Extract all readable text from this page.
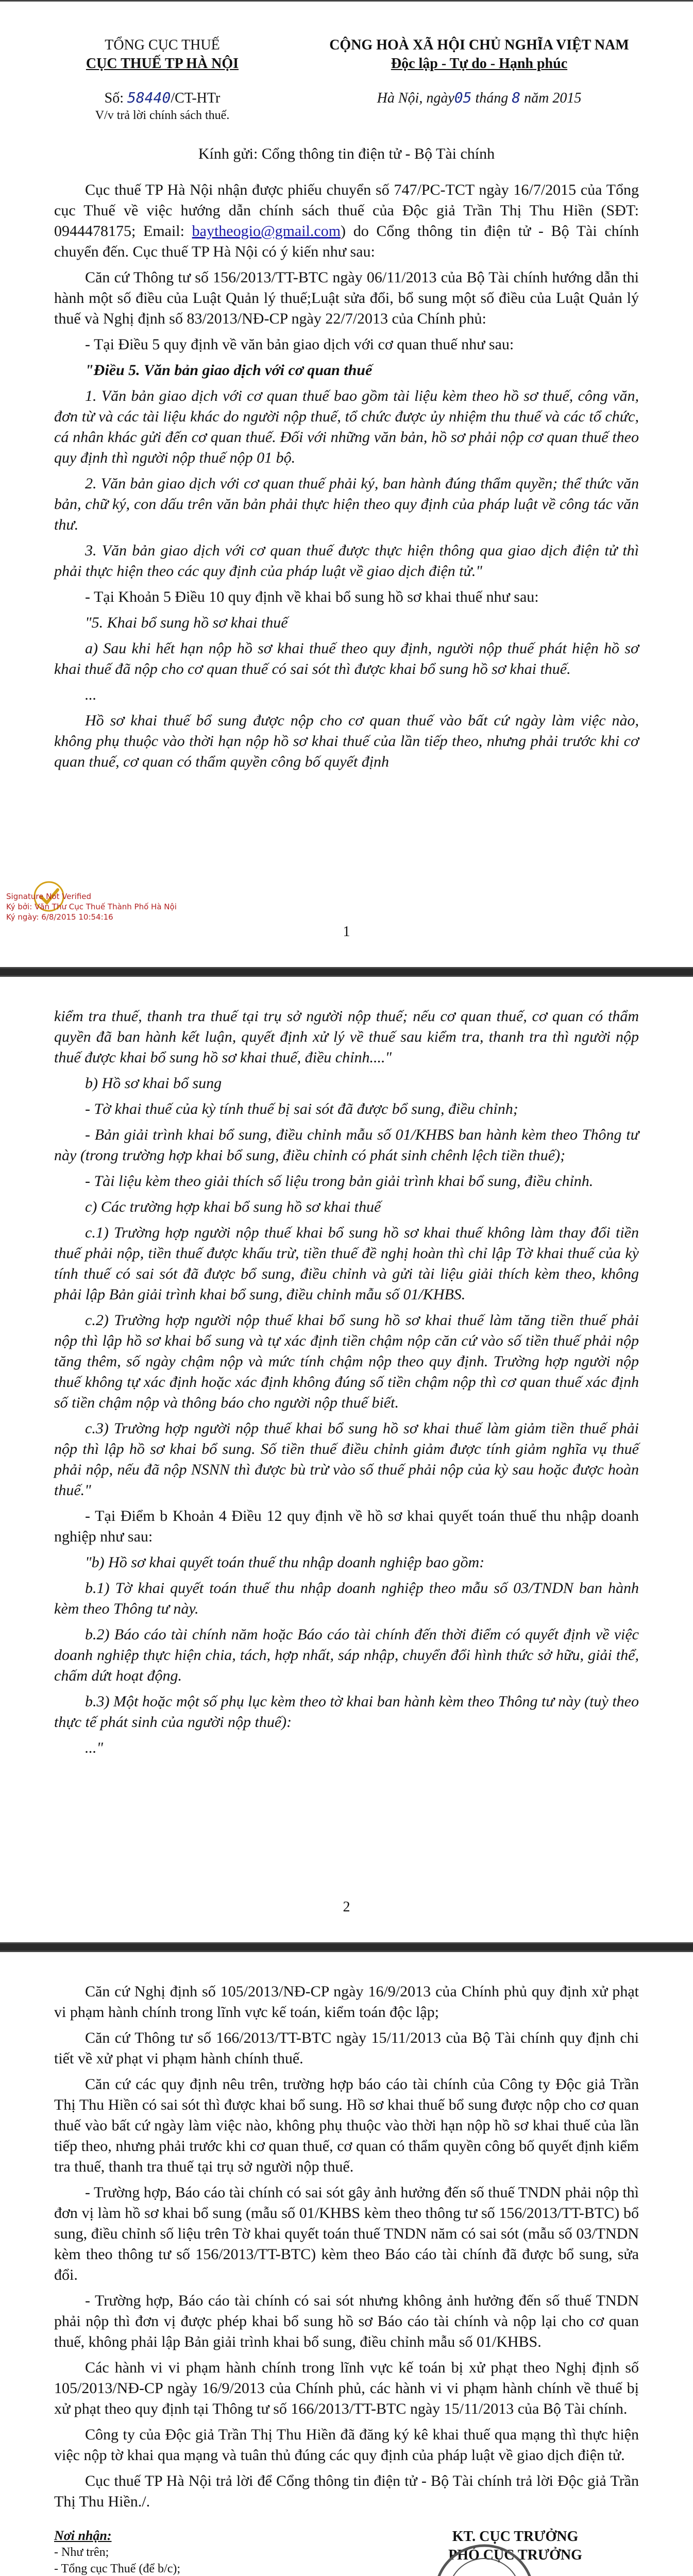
TỔNG CỤC THUẾ
CỤC THUẾ TP HÀ NỘI
CỘNG HOÀ XÃ HỘI CHỦ NGHĨA VIỆT NAM
Độc lập - Tự do - Hạnh phúc
Số: 58440/CT-HTr
V/v trả lời chính sách thuế.
Hà Nội, ngày05 tháng 8 năm 2015
Kính gửi: Cổng thông tin điện tử - Bộ Tài chính

Cục thuế TP Hà Nội nhận được phiếu chuyển số 747/PC-TCT ngày 16/7/2015 của Tổng cục Thuế về việc hướng dẫn chính sách thuế của Độc giả Trần Thị Thu Hiền (SĐT: 0944478175; Email: baytheogio@gmail.com) do Cổng thông tin điện tử - Bộ Tài chính chuyển đến. Cục thuế TP Hà Nội có ý kiến như sau:

Căn cứ Thông tư số 156/2013/TT-BTC ngày 06/11/2013 của Bộ Tài chính hướng dẫn thi hành một số điều của Luật Quản lý thuế;Luật sửa đổi, bổ sung một số điều của Luật Quản lý thuế và Nghị định số 83/2013/NĐ-CP ngày 22/7/2013 của Chính phủ:

- Tại Điều 5 quy định về văn bản giao dịch với cơ quan thuế như sau:

"Điều 5. Văn bản giao dịch với cơ quan thuế

1. Văn bản giao dịch với cơ quan thuế bao gồm tài liệu kèm theo hồ sơ thuế, công văn, đơn từ và các tài liệu khác do người nộp thuế, tổ chức được ủy nhiệm thu thuế và các tổ chức, cá nhân khác gửi đến cơ quan thuế. Đối với những văn bản, hồ sơ phải nộp cơ quan thuế theo quy định thì người nộp thuế nộp 01 bộ.

2. Văn bản giao dịch với cơ quan thuế phải ký, ban hành đúng thẩm quyền; thể thức văn bản, chữ ký, con dấu trên văn bản phải thực hiện theo quy định của pháp luật về công tác văn thư.

3. Văn bản giao dịch với cơ quan thuế được thực hiện thông qua giao dịch điện tử thì phải thực hiện theo các quy định của pháp luật về giao dịch điện tử."

- Tại Khoản 5 Điều 10 quy định về khai bổ sung hồ sơ khai thuế như sau:

"5. Khai bổ sung hồ sơ khai thuế

a) Sau khi hết hạn nộp hồ sơ khai thuế theo quy định, người nộp thuế phát hiện hồ sơ khai thuế đã nộp cho cơ quan thuế có sai sót thì được khai bổ sung hồ sơ khai thuế.

...

Hồ sơ khai thuế bổ sung được nộp cho cơ quan thuế vào bất cứ ngày làm việc nào, không phụ thuộc vào thời hạn nộp hồ sơ khai thuế của lần tiếp theo, nhưng phải trước khi cơ quan thuế, cơ quan có thẩm quyền công bố quyết định

Signature Not Verified
Ký bởi: Văn Thư Cục Thuế Thành Phố Hà Nội
Ký ngày: 6/8/2015 10:54:16
1

kiểm tra thuế, thanh tra thuế tại trụ sở người nộp thuế; nếu cơ quan thuế, cơ quan có thẩm quyền đã ban hành kết luận, quyết định xử lý về thuế sau kiểm tra, thanh tra thì người nộp thuế được khai bổ sung hồ sơ khai thuế, điều chỉnh...."

b) Hồ sơ khai bổ sung

- Tờ khai thuế của kỳ tính thuế bị sai sót đã được bổ sung, điều chỉnh;

- Bản giải trình khai bổ sung, điều chỉnh mẫu số 01/KHBS ban hành kèm theo Thông tư này (trong trường hợp khai bổ sung, điều chỉnh có phát sinh chênh lệch tiền thuế);

- Tài liệu kèm theo giải thích số liệu trong bản giải trình khai bổ sung, điều chỉnh.

c) Các trường hợp khai bổ sung hồ sơ khai thuế

c.1) Trường hợp người nộp thuế khai bổ sung hồ sơ khai thuế không làm thay đổi tiền thuế phải nộp, tiền thuế được khấu trừ, tiền thuế đề nghị hoàn thì chỉ lập Tờ khai thuế của kỳ tính thuế có sai sót đã được bổ sung, điều chỉnh và gửi tài liệu giải thích kèm theo, không phải lập Bản giải trình khai bổ sung, điều chỉnh mẫu số 01/KHBS.

c.2) Trường hợp người nộp thuế khai bổ sung hồ sơ khai thuế làm tăng tiền thuế phải nộp thì lập hồ sơ khai bổ sung và tự xác định tiền chậm nộp căn cứ vào số tiền thuế phải nộp tăng thêm, số ngày chậm nộp và mức tính chậm nộp theo quy định. Trường hợp người nộp thuế không tự xác định hoặc xác định không đúng số tiền chậm nộp thì cơ quan thuế xác định số tiền chậm nộp và thông báo cho người nộp thuế biết.

c.3) Trường hợp người nộp thuế khai bổ sung hồ sơ khai thuế làm giảm tiền thuế phải nộp thì lập hồ sơ khai bổ sung. Số tiền thuế điều chỉnh giảm được tính giảm nghĩa vụ thuế phải nộp, nếu đã nộp NSNN thì được bù trừ vào số thuế phải nộp của kỳ sau hoặc được hoàn thuế."

- Tại Điểm b Khoản 4 Điều 12 quy định về hồ sơ khai quyết toán thuế thu nhập doanh nghiệp như sau:

"b) Hồ sơ khai quyết toán thuế thu nhập doanh nghiệp bao gồm:

b.1) Tờ khai quyết toán thuế thu nhập doanh nghiệp theo mẫu số 03/TNDN ban hành kèm theo Thông tư này.

b.2) Báo cáo tài chính năm hoặc Báo cáo tài chính đến thời điểm có quyết định về việc doanh nghiệp thực hiện chia, tách, hợp nhất, sáp nhập, chuyển đổi hình thức sở hữu, giải thể, chấm dứt hoạt động.

b.3) Một hoặc một số phụ lục kèm theo tờ khai ban hành kèm theo Thông tư này (tuỳ theo thực tế phát sinh của người nộp thuế):

..."

2

Căn cứ Nghị định số 105/2013/NĐ-CP ngày 16/9/2013 của Chính phủ quy định xử phạt vi phạm hành chính trong lĩnh vực kế toán, kiểm toán độc lập;

Căn cứ Thông tư số 166/2013/TT-BTC ngày 15/11/2013 của Bộ Tài chính quy định chi tiết về xử phạt vi phạm hành chính thuế.

Căn cứ các quy định nêu trên, trường hợp báo cáo tài chính của Công ty Độc giả Trần Thị Thu Hiền có sai sót thì được khai bổ sung. Hồ sơ khai thuế bổ sung được nộp cho cơ quan thuế vào bất cứ ngày làm việc nào, không phụ thuộc vào thời hạn nộp hồ sơ khai thuế của lần tiếp theo, nhưng phải trước khi cơ quan thuế, cơ quan có thẩm quyền công bố quyết định kiểm tra thuế, thanh tra thuế tại trụ sở người nộp thuế.

- Trường hợp, Báo cáo tài chính có sai sót gây ảnh hưởng đến số thuế TNDN phải nộp thì đơn vị làm hồ sơ khai bổ sung (mẫu số 01/KHBS kèm theo thông tư số 156/2013/TT-BTC) bổ sung, điều chỉnh số liệu trên Tờ khai quyết toán thuế TNDN năm có sai sót (mẫu số 03/TNDN kèm theo thông tư số 156/2013/TT-BTC) kèm theo Báo cáo tài chính đã được bổ sung, sửa đổi.

- Trường hợp, Báo cáo tài chính có sai sót nhưng không ảnh hưởng đến số thuế TNDN phải nộp thì đơn vị được phép khai bổ sung hồ sơ Báo cáo tài chính và nộp lại cho cơ quan thuế, không phải lập Bản giải trình khai bổ sung, điều chỉnh mẫu số 01/KHBS.

Các hành vi vi phạm hành chính trong lĩnh vực kế toán bị xử phạt theo Nghị định số 105/2013/NĐ-CP ngày 16/9/2013 của Chính phủ, các hành vi vi phạm hành chính về thuế bị xử phạt theo quy định tại Thông tư số 166/2013/TT-BTC ngày 15/11/2013 của Bộ Tài chính.

Công ty của Độc giả Trần Thị Thu Hiền đã đăng ký kê khai thuế qua mạng thì thực hiện việc nộp tờ khai qua mạng và tuân thủ đúng các quy định của pháp luật về giao dịch điện tử.

Cục thuế TP Hà Nội trả lời để Cổng thông tin điện tử - Bộ Tài chính trả lời Độc giả Trần Thị Thu Hiền./.

Nơi nhận:
- Như trên;
- Tổng cục Thuế (để b/c);
KT. CỤC TRƯỞNG
PHÓ CỤC TRƯỞNG
